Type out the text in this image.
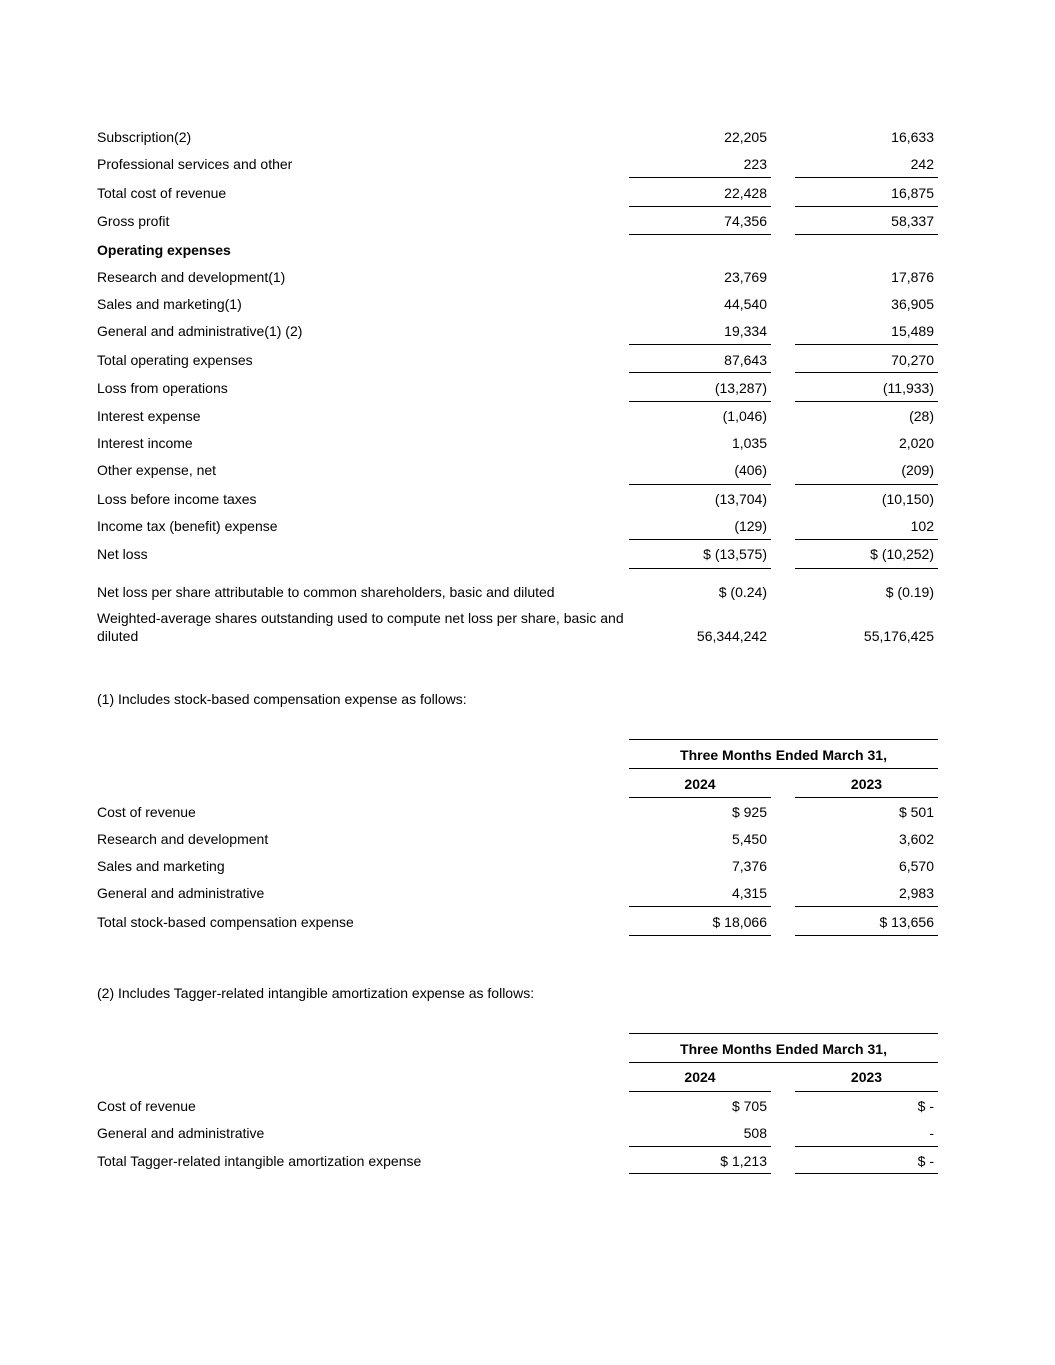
Subscription(2)	22,205	16,633
Professional services and other	223	242
Total cost of revenue	22,428	16,875
Gross profit	74,356	58,337
Operating expenses
Research and development(1)	23,769	17,876
Sales and marketing(1)	44,540	36,905
General and administrative(1) (2)	19,334	15,489
Total operating expenses	87,643	70,270
Loss from operations	(13,287)	(11,933)
Interest expense	(1,046)	(28)
Interest income	1,035	2,020
Other expense, net	(406)	(209)
Loss before income taxes	(13,704)	(10,150)
Income tax (benefit) expense	(129)	102
Net loss	$ (13,575)	$ (10,252)
Net loss per share attributable to common shareholders, basic and diluted	$ (0.24)	$ (0.19)
Weighted-average shares outstanding used to compute net loss per share, basic and
diluted	56,344,242	55,176,425
(1) Includes stock-based compensation expense as follows:
Three Months Ended March 31,
2024	2023
Cost of revenue	$ 925	$ 501
Research and development	5,450	3,602
Sales and marketing	7,376	6,570
General and administrative	4,315	2,983
Total stock-based compensation expense	$ 18,066	$ 13,656
(2) Includes Tagger-related intangible amortization expense as follows:
Three Months Ended March 31,
2024	2023
Cost of revenue	$ 705	$ -
General and administrative	508	-
Total Tagger-related intangible amortization expense	$ 1,213	$ -
